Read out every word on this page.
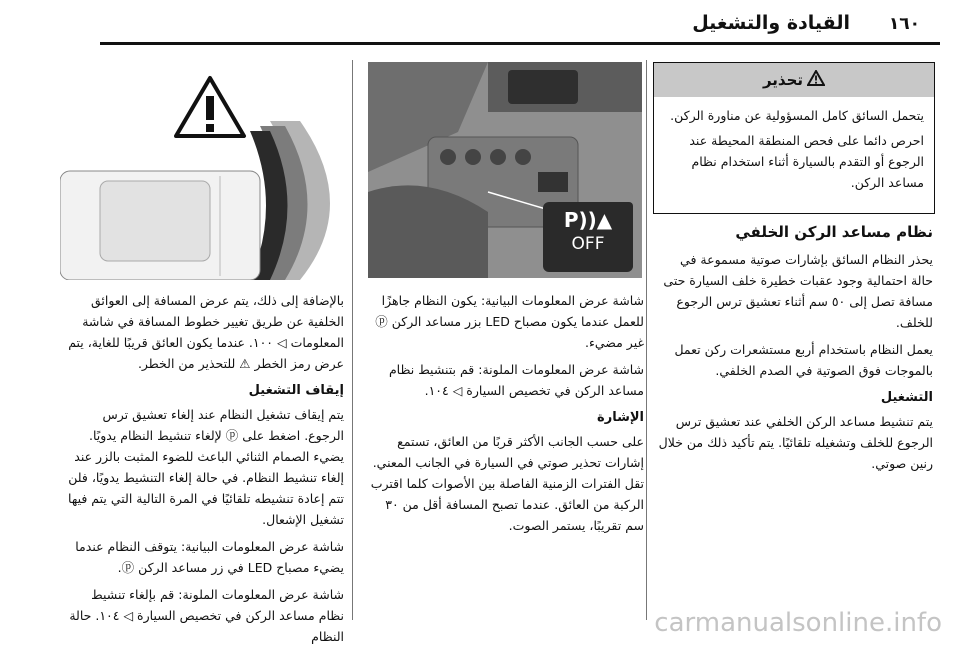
١٦٠
القيادة والتشغيل
تحذير

يتحمل السائق كامل المسؤولية عن مناورة الركن.

احرص دائما على فحص المنطقة المحيطة عند الرجوع أو التقدم بالسيارة أثناء استخدام نظام مساعد الركن.

نظام مساعد الركن الخلفي

يحذر النظام السائق بإشارات صوتية مسموعة في حالة احتمالية وجود عقبات خطيرة خلف السيارة حتى مسافة تصل إلى ٥٠ سم أثناء تعشيق ترس الرجوع للخلف.

يعمل النظام باستخدام أربع مستشعرات ركن تعمل بالموجات فوق الصوتية في الصدم الخلفي.

التشغيل

يتم تنشيط مساعد الركن الخلفي عند تعشيق ترس الرجوع للخلف وتشغيله تلقائيًا. يتم تأكيد ذلك من خلال رنين صوتي.

P))▲
OFF

شاشة عرض المعلومات البيانية: يكون النظام جاهزًا للعمل عندما يكون مصباح LED بزر مساعد الركن ⓟ غير مضيء.

شاشة عرض المعلومات الملونة: قم بتنشيط نظام مساعد الركن في تخصيص السيارة ◁ ١٠٤.

الإشارة

على حسب الجانب الأكثر قربًا من العائق، تستمع إشارات تحذير صوتي في السيارة في الجانب المعني. تقل الفترات الزمنية الفاصلة بين الأصوات كلما اقترب الركبة من العائق. عندما تصبح المسافة أقل من ٣٠ سم تقريبًا، يستمر الصوت.

بالإضافة إلى ذلك، يتم عرض المسافة إلى العوائق الخلفية عن طريق تغيير خطوط المسافة في شاشة المعلومات ◁ ١٠٠. عندما يكون العائق قريبًا للغاية، يتم عرض رمز الخطر ⚠ للتحذير من الخطر.

إيقاف التشغيل

يتم إيقاف تشغيل النظام عند إلغاء تعشيق ترس الرجوع. اضغط على ⓟ لإلغاء تنشيط النظام يدويًا. يضيء الصمام الثنائي الباعث للضوء المثبت بالزر عند إلغاء تنشيط النظام. في حالة إلغاء التنشيط يدويًا، فلن تتم إعادة تنشيطه تلقائيًا في المرة التالية التي يتم فيها تشغيل الإشعال.

شاشة عرض المعلومات البيانية: يتوقف النظام عندما يضيء مصباح LED في زر مساعد الركن ⓟ.

شاشة عرض المعلومات الملونة: قم بإلغاء تنشيط نظام مساعد الركن في تخصيص السيارة ◁ ١٠٤. حالة النظام	carmanualsonline.info
